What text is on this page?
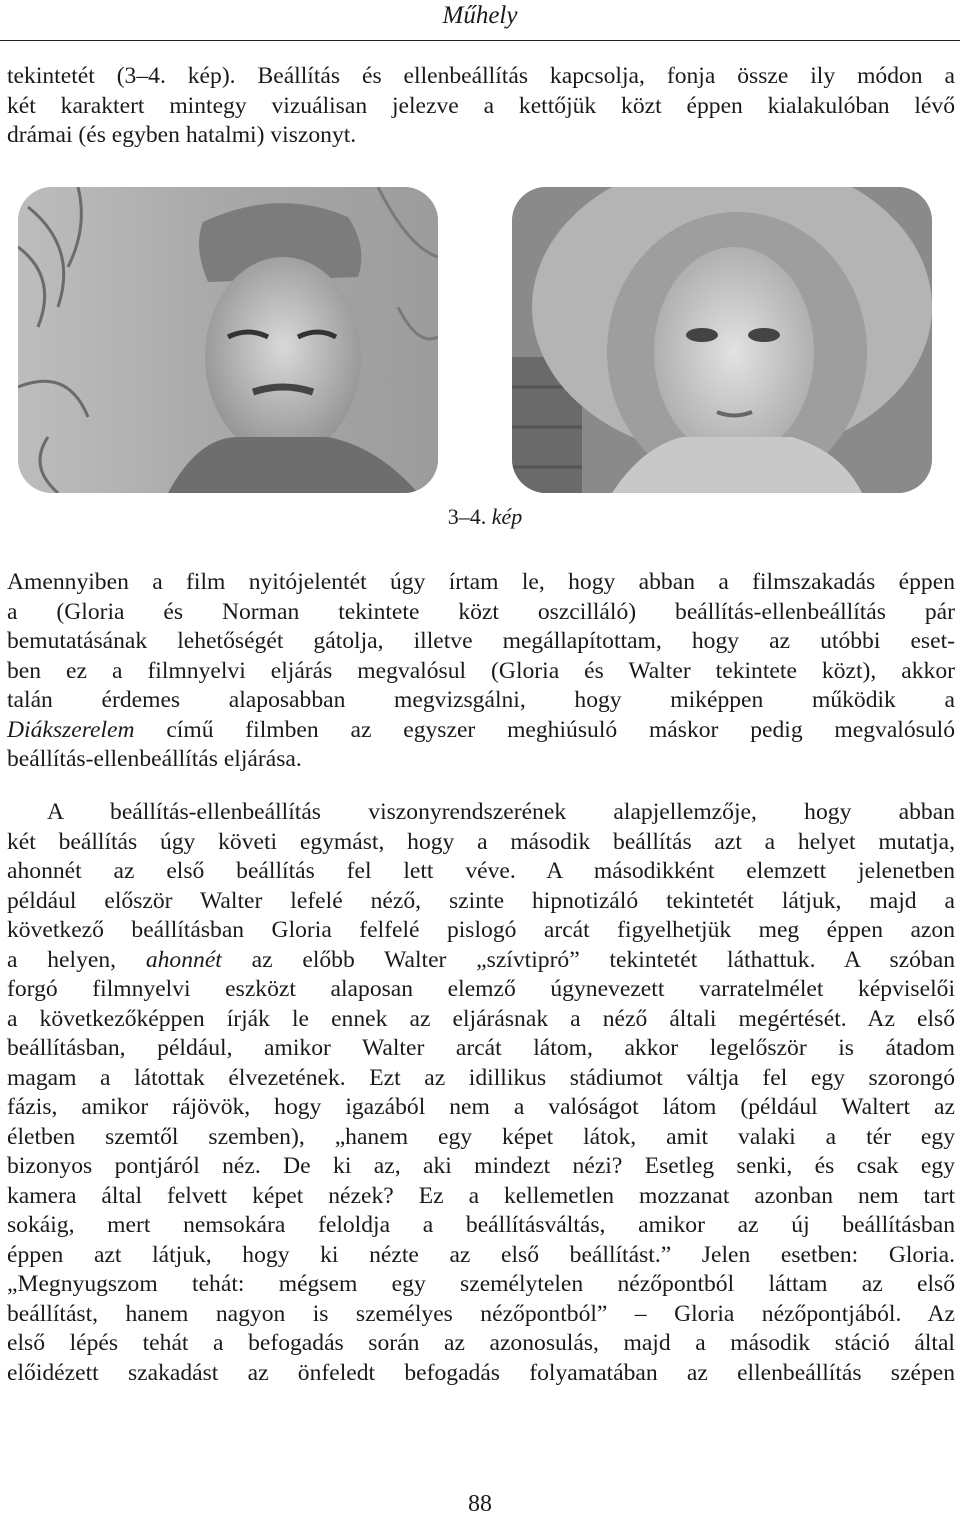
Műhely
tekintetét (3–4. kép). Beállítás és ellenbeállítás kapcsolja, fonja össze ily módon a
két karaktert mintegy vizuálisan jelezve a kettőjük közt éppen kialakulóban lévő
drámai (és egyben hatalmi) viszonyt.
3–4. kép
Amennyiben a film nyitójelentét úgy írtam le, hogy abban a filmszakadás éppen
a (Gloria és Norman tekintete közt oszcilláló) beállítás-ellenbeállítás pár
bemutatásának lehetőségét gátolja, illetve megállapítottam, hogy az utóbbi eset-
ben ez a filmnyelvi eljárás megvalósul (Gloria és Walter tekintete közt), akkor
talán érdemes alaposabban megvizsgálni, hogy miképpen működik a
Diákszerelem című filmben az egyszer meghiúsuló máskor pedig megvalósuló
beállítás-ellenbeállítás eljárása.
A beállítás-ellenbeállítás viszonyrendszerének alapjellemzője, hogy abban
két beállítás úgy követi egymást, hogy a második beállítás azt a helyet mutatja,
ahonnét az első beállítás fel lett véve. A másodikként elemzett jelenetben
például először Walter lefelé néző, szinte hipnotizáló tekintetét látjuk, majd a
következő beállításban Gloria felfelé pislogó arcát figyelhetjük meg éppen azon
a helyen, ahonnét az előbb Walter „szívtipró” tekintetét láthattuk. A szóban
forgó filmnyelvi eszközt alaposan elemző úgynevezett varratelmélet képviselői
a következőképpen írják le ennek az eljárásnak a néző általi megértését. Az első
beállításban, például, amikor Walter arcát látom, akkor legelőször is átadom
magam a látottak élvezetének. Ezt az idillikus stádiumot váltja fel egy szorongó
fázis, amikor rájövök, hogy igazából nem a valóságot látom (például Waltert az
életben szemtől szemben), „hanem egy képet látok, amit valaki a tér egy
bizonyos pontjáról néz. De ki az, aki mindezt nézi? Esetleg senki, és csak egy
kamera által felvett képet nézek? Ez a kellemetlen mozzanat azonban nem tart
sokáig, mert nemsokára feloldja a beállításváltás, amikor az új beállításban
éppen azt látjuk, hogy ki nézte az első beállítást.” Jelen esetben: Gloria.
„Megnyugszom tehát: mégsem egy személytelen nézőpontból láttam az első
beállítást, hanem nagyon is személyes nézőpontból” – Gloria nézőpontjából. Az
első lépés tehát a befogadás során az azonosulás, majd a második stáció által
előidézett szakadást az önfeledt befogadás folyamatában az ellenbeállítás szépen
88
